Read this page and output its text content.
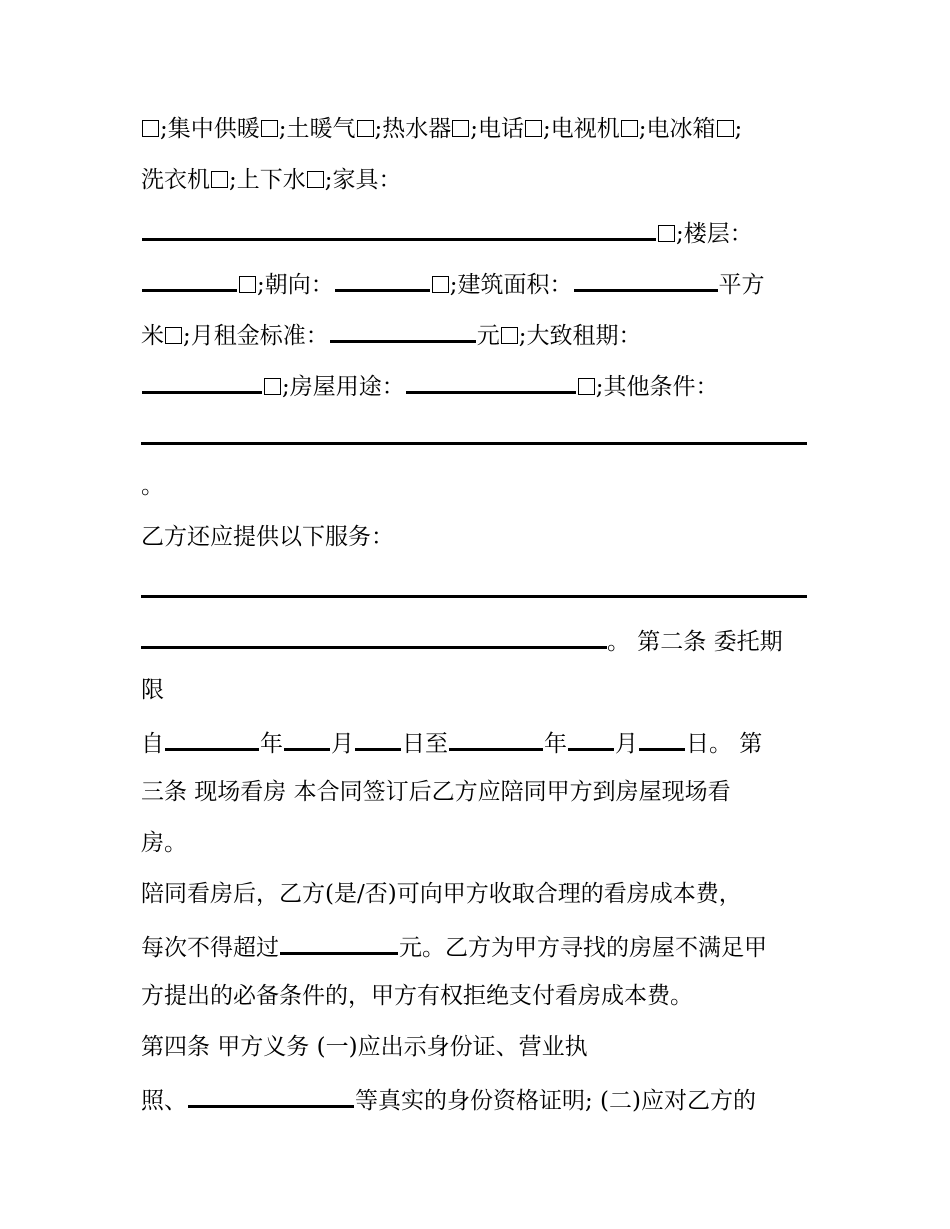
;集中供暖 ;土暖气 ;热水器 ;电话 ;电视机 ;电冰箱 ;
洗衣机 ;上下水 ;家具：
;楼层：
;朝向：	;建筑面积：	平方
米 ;月租金标准：	元 ;大致租期：
;房屋用途：	;其他条件：
。
乙方还应提供以下服务：
。 第二条 委托期
限
自	年 月 日至	年 月 日。 第
三条 现场看房 本合同签订后乙方应陪同甲方到房屋现场看
房。
陪同看房后，乙方(是/否)可向甲方收取合理的看房成本费，
每次不得超过	元。乙方为甲方寻找的房屋不满足甲
方提出的必备条件的，甲方有权拒绝支付看房成本费。
第四条 甲方义务 (一)应出示身份证、营业执
照、	等真实的身份资格证明; (二)应对乙方的
